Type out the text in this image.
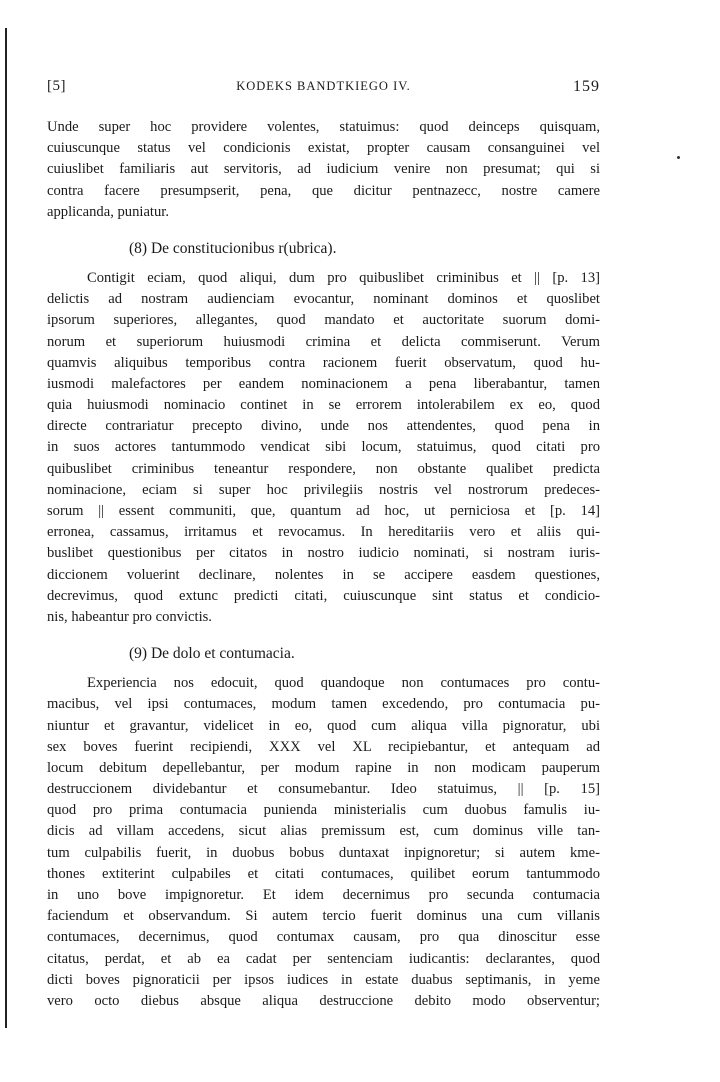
[5]	KODEKS BANDTKIEGO IV.	159
Unde super hoc providere volentes, statuimus: quod deinceps quisquam,
cuiuscunque status vel condicionis existat, propter causam consanguinei vel
cuiuslibet familiaris aut servitoris, ad iudicium venire non presumat; qui si
contra facere presumpserit, pena, que dicitur pentnazecc, nostre camere
applicanda, puniatur.
(8) De constitucionibus r(ubrica).
Contigit eciam, quod aliqui, dum pro quibuslibet criminibus et || [p. 13]
delictis ad nostram audienciam evocantur, nominant dominos et quoslibet
ipsorum superiores, allegantes, quod mandato et auctoritate suorum domi-
norum et superiorum huiusmodi crimina et delicta commiserunt. Verum
quamvis aliquibus temporibus contra racionem fuerit observatum, quod hu-
iusmodi malefactores per eandem nominacionem a pena liberabantur, tamen
quia huiusmodi nominacio continet in se errorem intolerabilem ex eo, quod
directe contrariatur precepto divino, unde nos attendentes, quod pena in
in suos actores tantummodo vendicat sibi locum, statuimus, quod citati pro
quibuslibet criminibus teneantur respondere, non obstante qualibet predicta
nominacione, eciam si super hoc privilegiis nostris vel nostrorum predeces-
sorum || essent communiti, que, quantum ad hoc, ut perniciosa et [p. 14]
erronea, cassamus, irritamus et revocamus. In hereditariis vero et aliis qui-
buslibet questionibus per citatos in nostro iudicio nominati, si nostram iuris-
diccionem voluerint declinare, nolentes in se accipere easdem questiones,
decrevimus, quod extunc predicti citati, cuiuscunque sint status et condicio-
nis, habeantur pro convictis.
(9) De dolo et contumacia.
Experiencia nos edocuit, quod quandoque non contumaces pro contu-
macibus, vel ipsi contumaces, modum tamen excedendo, pro contumacia pu-
niuntur et gravantur, videlicet in eo, quod cum aliqua villa pignoratur, ubi
sex boves fuerint recipiendi, XXX vel XL recipiebantur, et antequam ad
locum debitum depellebantur, per modum rapine in non modicam pauperum
destruccionem dividebantur et consumebantur. Ideo statuimus, || [p. 15]
quod pro prima contumacia punienda ministerialis cum duobus famulis iu-
dicis ad villam accedens, sicut alias premissum est, cum dominus ville tan-
tum culpabilis fuerit, in duobus bobus duntaxat inpignoretur; si autem kme-
thones extiterint culpabiles et citati contumaces, quilibet eorum tantummodo
in uno bove impignoretur. Et idem decernimus pro secunda contumacia
faciendum et observandum. Si autem tercio fuerit dominus una cum villanis
contumaces, decernimus, quod contumax causam, pro qua dinoscitur esse
citatus, perdat, et ab ea cadat per sentenciam iudicantis: declarantes, quod
dicti boves pignoraticii per ipsos iudices in estate duabus septimanis, in yeme
vero octo diebus absque aliqua destruccione debito modo observentur;
